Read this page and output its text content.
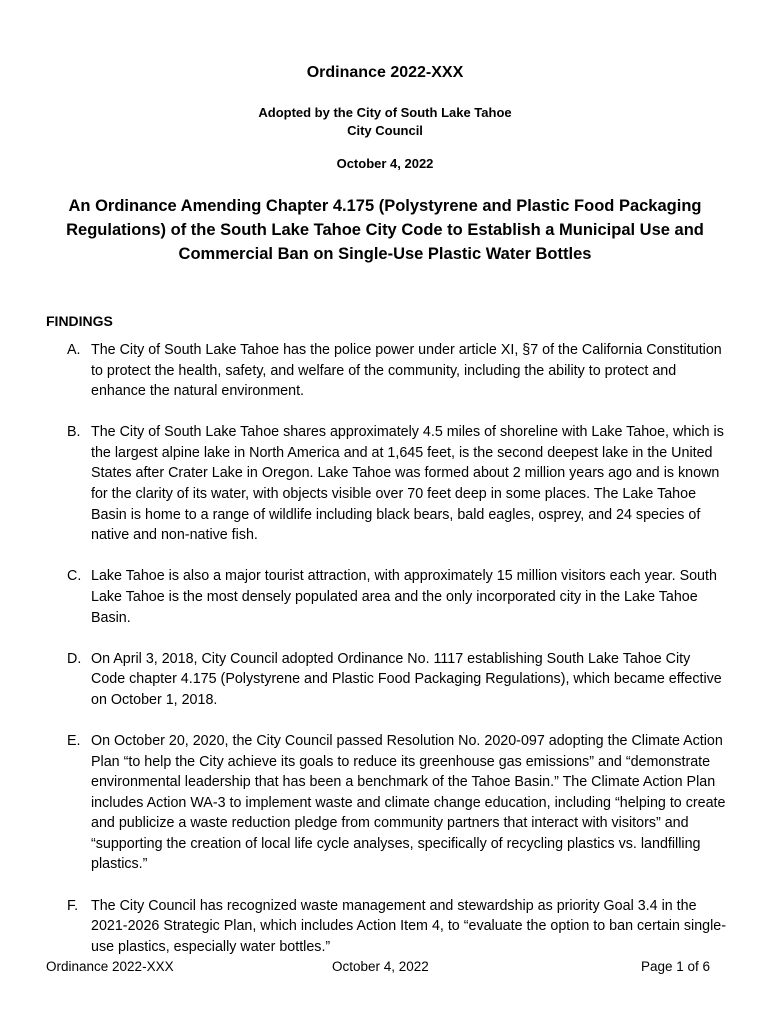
Ordinance 2022-XXX
Adopted by the City of South Lake Tahoe
City Council
October 4, 2022
An Ordinance Amending Chapter 4.175 (Polystyrene and Plastic Food Packaging Regulations) of the South Lake Tahoe City Code to Establish a Municipal Use and Commercial Ban on Single-Use Plastic Water Bottles
FINDINGS
A. The City of South Lake Tahoe has the police power under article XI, §7 of the California Constitution to protect the health, safety, and welfare of the community, including the ability to protect and enhance the natural environment.
B. The City of South Lake Tahoe shares approximately 4.5 miles of shoreline with Lake Tahoe, which is the largest alpine lake in North America and at 1,645 feet, is the second deepest lake in the United States after Crater Lake in Oregon. Lake Tahoe was formed about 2 million years ago and is known for the clarity of its water, with objects visible over 70 feet deep in some places. The Lake Tahoe Basin is home to a range of wildlife including black bears, bald eagles, osprey, and 24 species of native and non-native fish.
C. Lake Tahoe is also a major tourist attraction, with approximately 15 million visitors each year. South Lake Tahoe is the most densely populated area and the only incorporated city in the Lake Tahoe Basin.
D. On April 3, 2018, City Council adopted Ordinance No. 1117 establishing South Lake Tahoe City Code chapter 4.175 (Polystyrene and Plastic Food Packaging Regulations), which became effective on October 1, 2018.
E. On October 20, 2020, the City Council passed Resolution No. 2020-097 adopting the Climate Action Plan “to help the City achieve its goals to reduce its greenhouse gas emissions” and “demonstrate environmental leadership that has been a benchmark of the Tahoe Basin.” The Climate Action Plan includes Action WA-3 to implement waste and climate change education, including “helping to create and publicize a waste reduction pledge from community partners that interact with visitors” and “supporting the creation of local life cycle analyses, specifically of recycling plastics vs. landfilling plastics.”
F. The City Council has recognized waste management and stewardship as priority Goal 3.4 in the 2021-2026 Strategic Plan, which includes Action Item 4, to “evaluate the option to ban certain single-use plastics, especially water bottles.”
Ordinance 2022-XXX	October 4, 2022	Page 1 of 6
